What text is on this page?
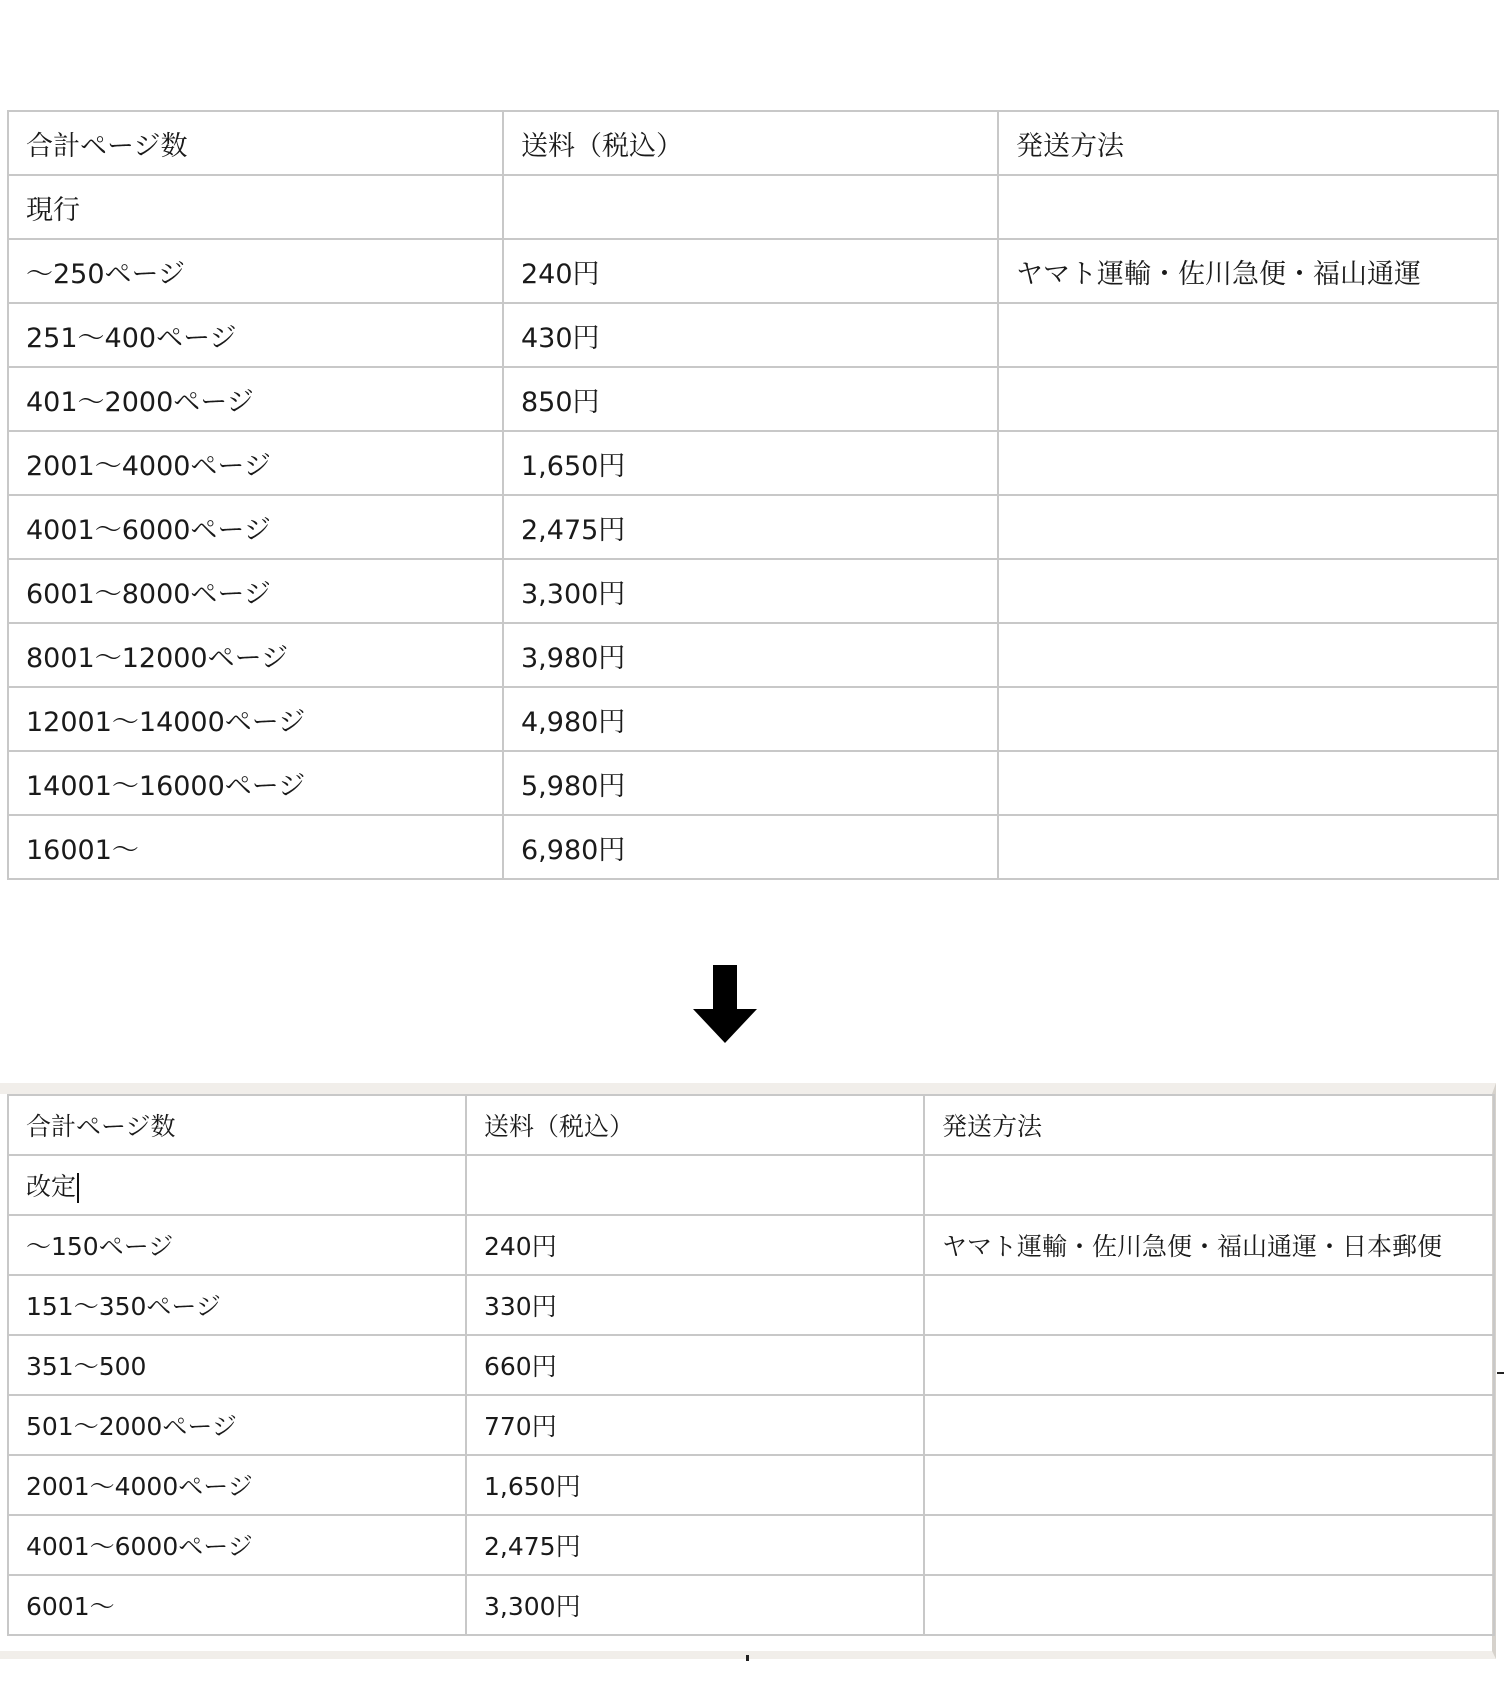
合計ページ数	送料（税込）	発送方法
現行		
～250ページ	240円	ヤマト運輸・佐川急便・福山通運
251～400ページ	430円	
401～2000ページ	850円	
2001～4000ページ	1,650円	
4001～6000ページ	2,475円	
6001～8000ページ	3,300円	
8001～12000ページ	3,980円	
12001～14000ページ	4,980円	
14001～16000ページ	5,980円	
16001～	6,980円	
合計ページ数	送料（税込）	発送方法
改定		
～150ページ	240円	ヤマト運輸・佐川急便・福山通運・日本郵便
151～350ページ	330円	
351～500	660円	
501～2000ページ	770円	
2001～4000ページ	1,650円	
4001～6000ページ	2,475円	
6001～	3,300円	
